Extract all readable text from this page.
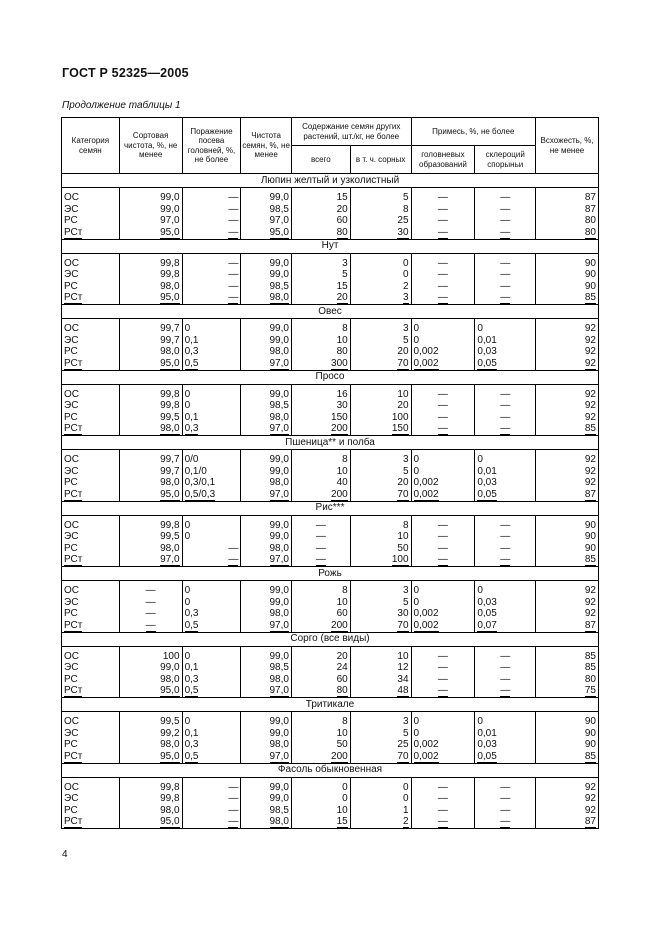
ГОСТ Р 52325—2005
Продолжение таблицы 1
Категория семян	Сортовая чистота, %, не менее	Поражение посева головней, %, не более	Чистота семян, %, не менее	Содержание семян других растений, шт./кг, не более		Примесь, %, не более		Всхожесть, %, не менее
				всего	в т. ч. сорных	головневых образований	склероций спорыньи	
Люпин желтый и узколистный								

ОС	99,0	—	99,0	15	5	—	—	87
ЭС	99,0	—	98,5	20	8	—	—	87
РС	97,0	—	97,0	60	25	—	—	80
РСт	95,0	—	95,0	80	30	—	—	80
Нут								

ОС	99,8	—	99,0	3	0	—	—	90
ЭС	99,8	—	99,0	5	0	—	—	90
РС	98,0	—	98,5	15	2	—	—	90
РСт	95,0	—	98,0	20	3	—	—	85
Овес								

ОС	99,7	0	99,0	8	3	0	0	92
ЭС	99,7	0,1	99,0	10	5	0	0,01	92
РС	98,0	0,3	98,0	80	20	0,002	0,03	92
РСт	95,0	0,5	97,0	300	70	0,002	0,05	92
Просо								

ОС	99,8	0	99,0	16	10	—	—	92
ЭС	99,8	0	98,5	30	20	—	—	92
РС	99,5	0,1	98,0	150	100	—	—	92
РСт	98,0	0,3	97,0	200	150	—	—	85
Пшеница** и полба								

ОС	99,7	0/0	99,0	8	3	0	0	92
ЭС	99,7	0,1/0	99,0	10	5	0	0,01	92
РС	98,0	0,3/0,1	98,0	40	20	0,002	0,03	92
РСт	95,0	0,5/0,3	97,0	200	70	0,002	0,05	87
Рис***								

ОС	99,8	0	99,0	—	8	—	—	90
ЭС	99,5	0	99,0	—	10	—	—	90
РС	98,0	—	98,0	—	50	—	—	90
РСт	97,0	—	97,0	—	100	—	—	85
Рожь								

ОС	—	0	99,0	8	3	0	0	92
ЭС	—	0	99,0	10	5	0	0,03	92
РС	—	0,3	98,0	60	30	0,002	0,05	92
РСт	—	0,5	97,0	200	70	0,002	0,07	87
Сорго (все виды)								

ОС	100	0	99,0	20	10	—	—	85
ЭС	99,0	0,1	98,5	24	12	—	—	85
РС	98,0	0,3	98,0	60	34	—	—	80
РСт	95,0	0,5	97,0	80	48	—	—	75
Тритикале								

ОС	99,5	0	99,0	8	3	0	0	90
ЭС	99,2	0,1	99,0	10	5	0	0,01	90
РС	98,0	0,3	98,0	50	25	0,002	0,03	90
РСт	95,0	0,5	97,0	200	70	0,002	0,05	85
Фасоль обыкновенная								

ОС	99,8	—	99,0	0	0	—	—	92
ЭС	99,8	—	99,0	0	0	—	—	92
РС	98,0	—	98,5	10	1	—	—	92
РСт	95,0	—	98,0	15	2	—	—	87
4
